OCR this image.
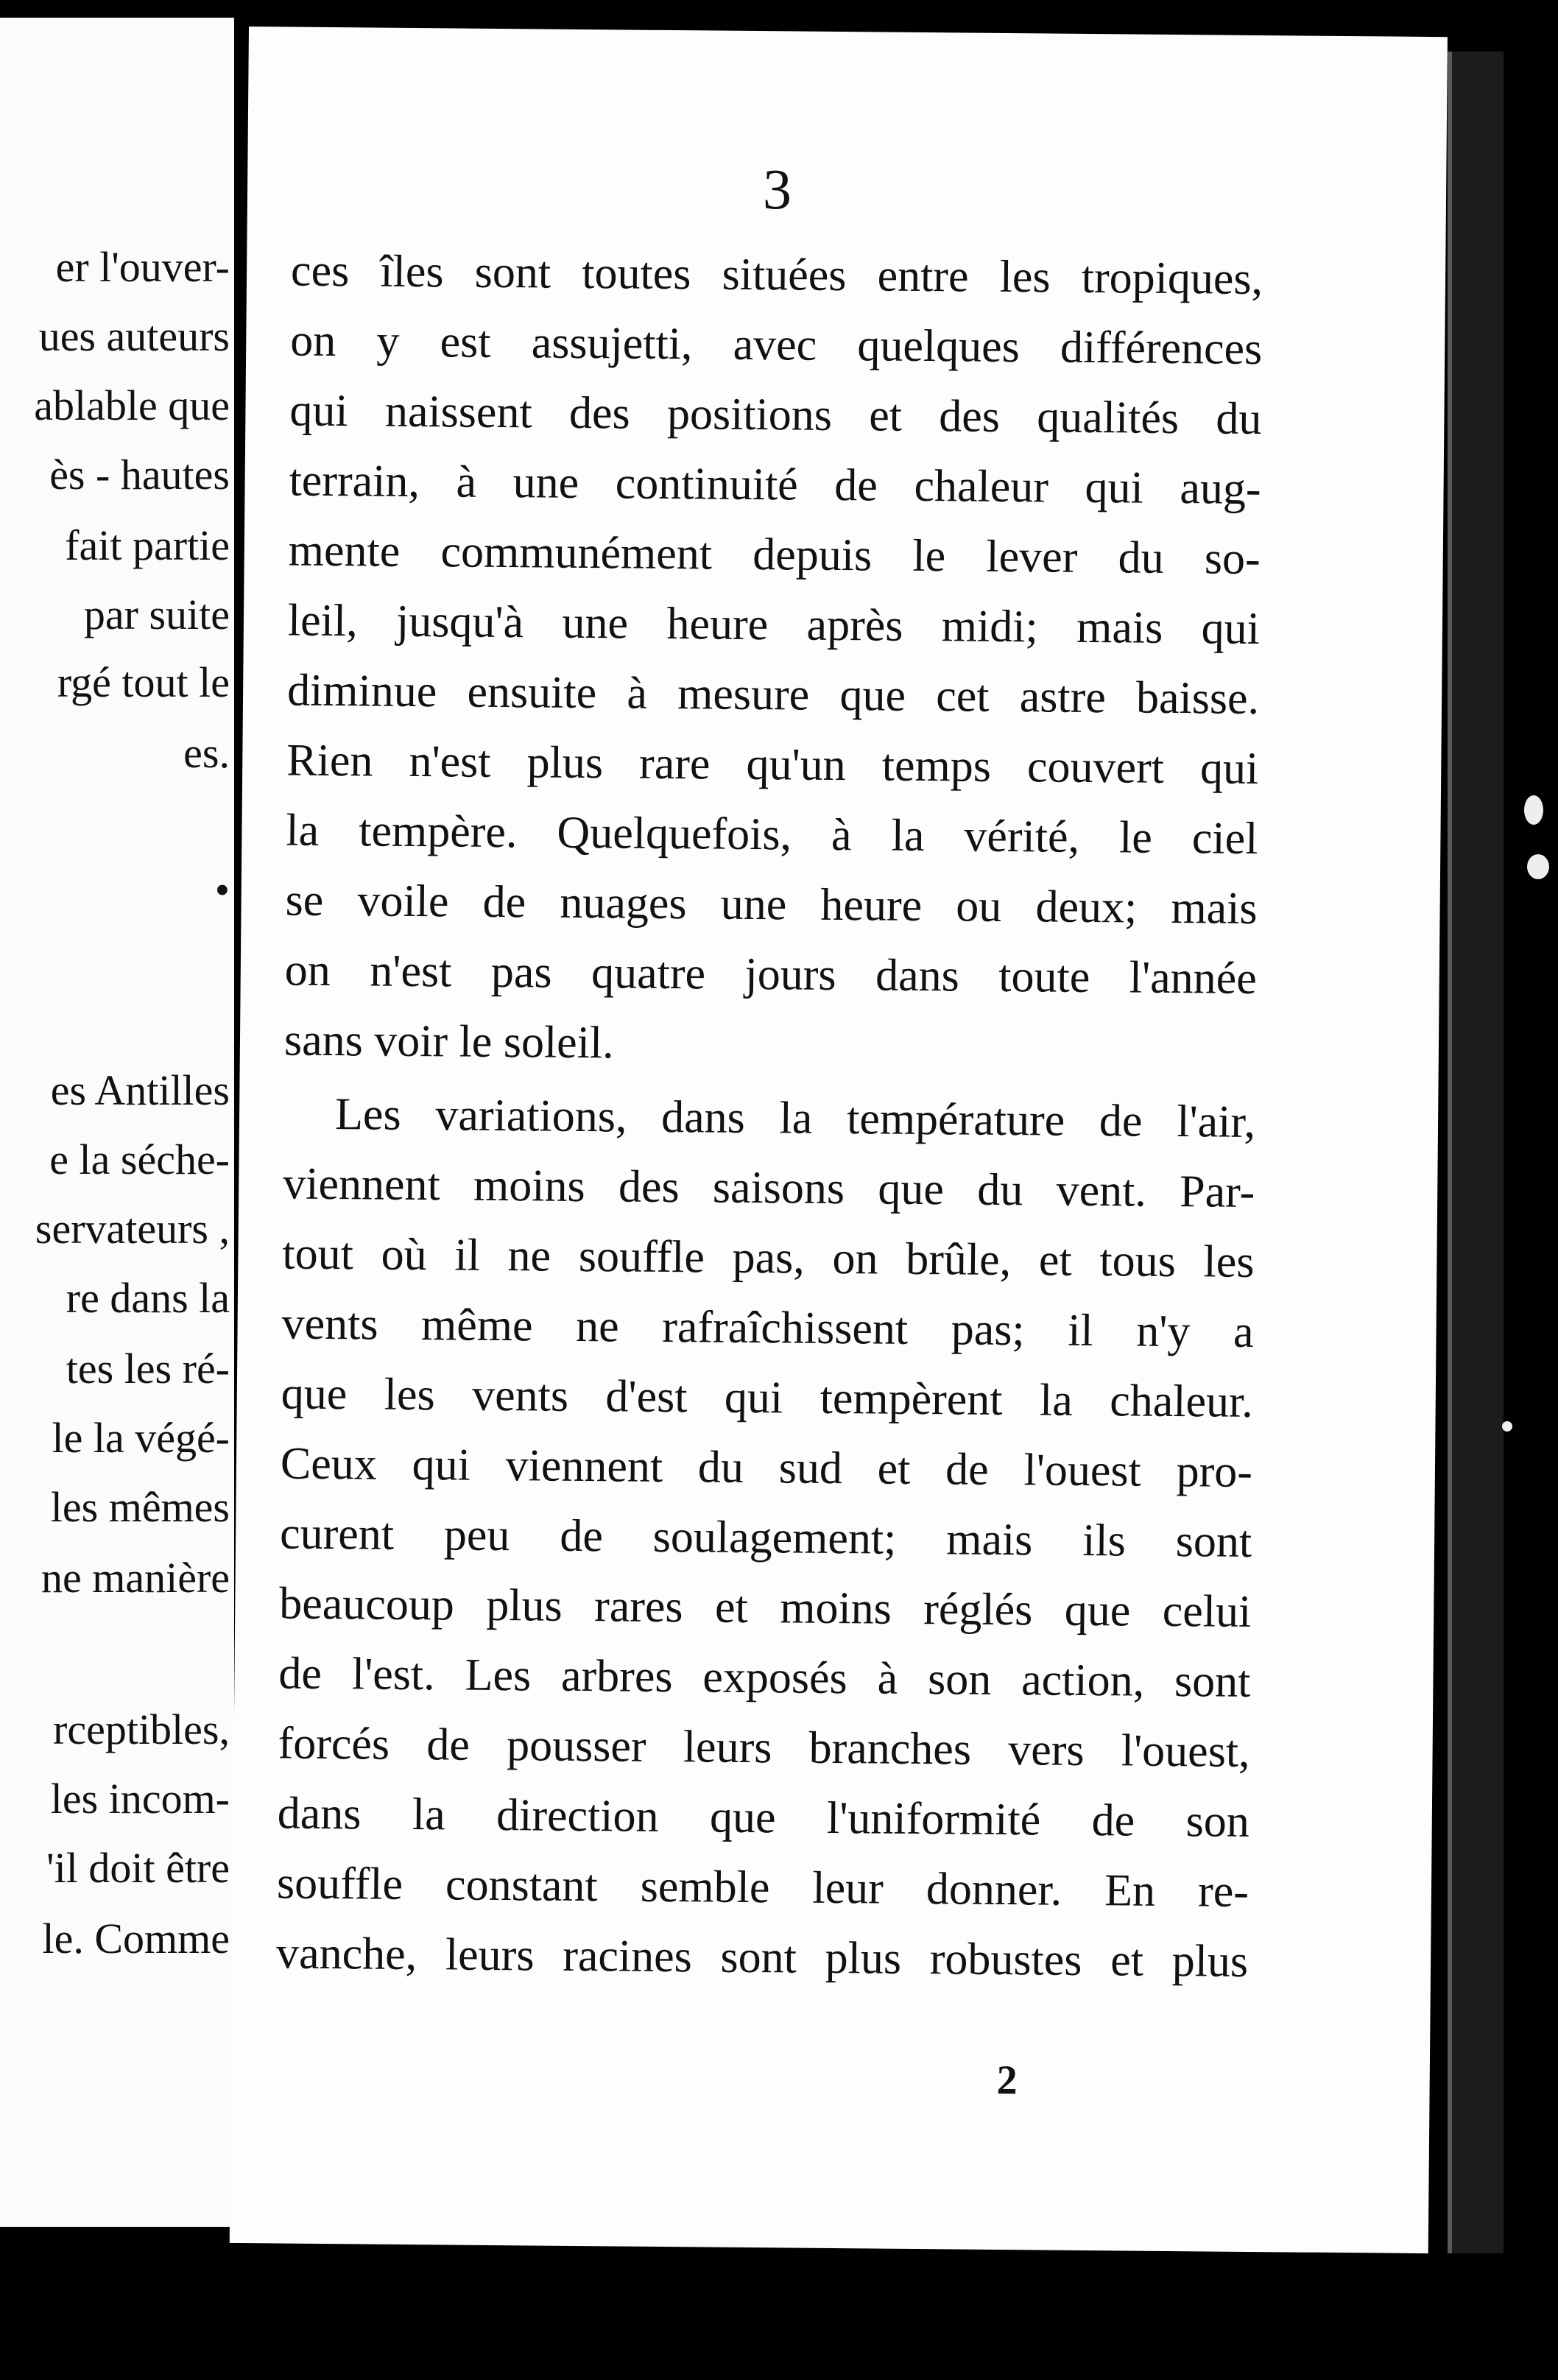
er l'ouver-
ues auteurs
ablable que
ès - hautes
fait partie
par suite
rgé tout le
es.
•
es Antilles
e la séche-
servateurs ,
re dans la
tes les ré-
le la végé-
les mêmes
ne manière
rceptibles,
les incom-
'il doit être
le. Comme
3
2
ces îles sont toutes situées entre les tropiques,
on y est assujetti, avec quelques différences
qui naissent des positions et des qualités du
terrain, à une continuité de chaleur qui aug-
mente communément depuis le lever du so-
leil, jusqu'à une heure après midi; mais qui
diminue ensuite à mesure que cet astre baisse.
Rien n'est plus rare qu'un temps couvert qui
la tempère. Quelquefois, à la vérité, le ciel
se voile de nuages une heure ou deux; mais
on n'est pas quatre jours dans toute l'année
sans voir le soleil.
Les variations, dans la température de l'air,
viennent moins des saisons que du vent. Par-
tout où il ne souffle pas, on brûle, et tous les
vents même ne rafraîchissent pas; il n'y a
que les vents d'est qui tempèrent la chaleur.
Ceux qui viennent du sud et de l'ouest pro-
curent peu de soulagement; mais ils sont
beaucoup plus rares et moins réglés que celui
de l'est. Les arbres exposés à son action, sont
forcés de pousser leurs branches vers l'ouest,
dans la direction que l'uniformité de son
souffle constant semble leur donner. En re-
vanche, leurs racines sont plus robustes et plus
